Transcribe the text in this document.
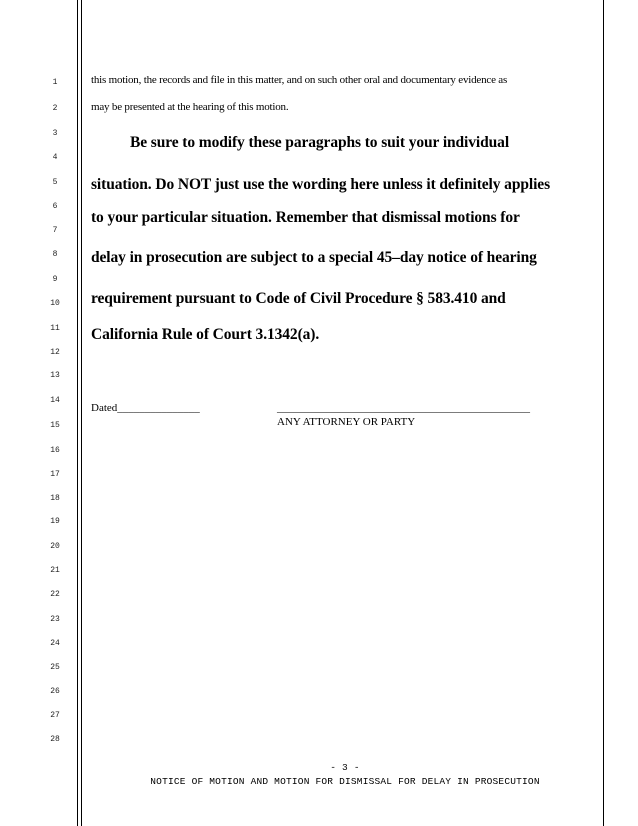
1
2
3
4
5
6
7
8
9
10
11
12
13
14
15
16
17
18
19
20
21
22
23
24
25
26
27
28
this motion, the records and file in this matter, and on such other oral and documentary evidence as
may be presented at the hearing of this motion.
Be sure to modify these paragraphs to suit your individual
situation. Do NOT just use the wording here unless it definitely applies
to your particular situation. Remember that dismissal motions for
delay in prosecution are subject to a special 45–day notice of hearing
requirement pursuant to Code of Civil Procedure § 583.410 and
California Rule of Court 3.1342(a).
Dated_______________	______________________________________________
ANY ATTORNEY OR PARTY
- 3 -
NOTICE OF MOTION AND MOTION FOR DISMISSAL FOR DELAY IN PROSECUTION
